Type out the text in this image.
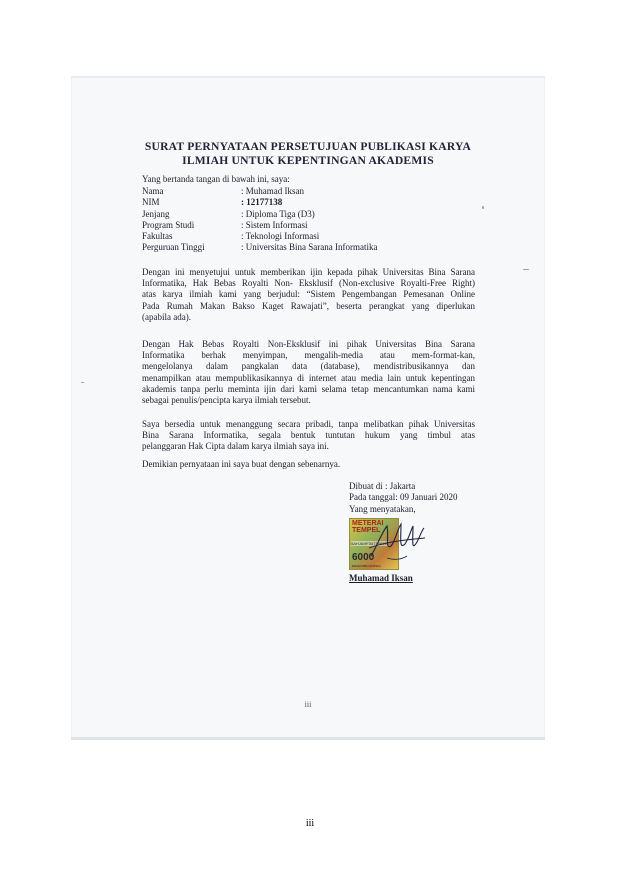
SURAT PERNYATAAN PERSETUJUAN PUBLIKASI KARYA
ILMIAH UNTUK KEPENTINGAN AKADEMIS
Yang bertanda tangan di bawah ini, saya:
Nama	: Muhamad Iksan
NIM	: 12177138
Jenjang	: Diploma Tiga (D3)
Program Studi	: Sistem Informasi
Fakultas	: Teknologi Informasi
Perguruan Tinggi	: Universitas Bina Sarana Informatika
Dengan ini menyetujui untuk memberikan ijin kepada pihak Universitas Bina Sarana
Informatika, Hak Bebas Royalti Non- Eksklusif (Non-exclusive Royalti-Free Right)
atas karya ilmiah kami yang berjudul: “Sistem Pengembangan Pemesanan Online
Pada Rumah Makan Bakso Kaget Rawajati”, beserta perangkat yang diperlukan
(apabila ada).
Dengan Hak Bebas Royalti Non-Eksklusif ini pihak Universitas Bina Sarana
Informatika berhak menyimpan, mengalih-media atau mem-format-kan,
mengelolanya dalam pangkalan data (database), mendistribusikannya dan
menampilkan atau mempublikasikannya di internet atau media lain untuk kepentingan
akademis tanpa perlu meminta ijin dari kami selama tetap mencantumkan nama kami
sebagai penulis/pencipta karya ilmiah tersebut.
Saya bersedia untuk menanggung secara pribadi, tanpa melibatkan pihak Universitas
Bina Sarana Informatika, segala bentuk tuntutan hukum yang timbul atas
pelanggaran Hak Cipta dalam karya ilmiah saya ini.
Demikian pernyataan ini saya buat dengan sebenarnya.
Dibuat di : Jakarta
Pada tanggal: 09 Januari 2020
Yang menyatakan,
METERAI
TEMPEL
5AHJAHF347188196
6000
ENAM RIBU RUPIAH
Muhamad Iksan
iii
iii
